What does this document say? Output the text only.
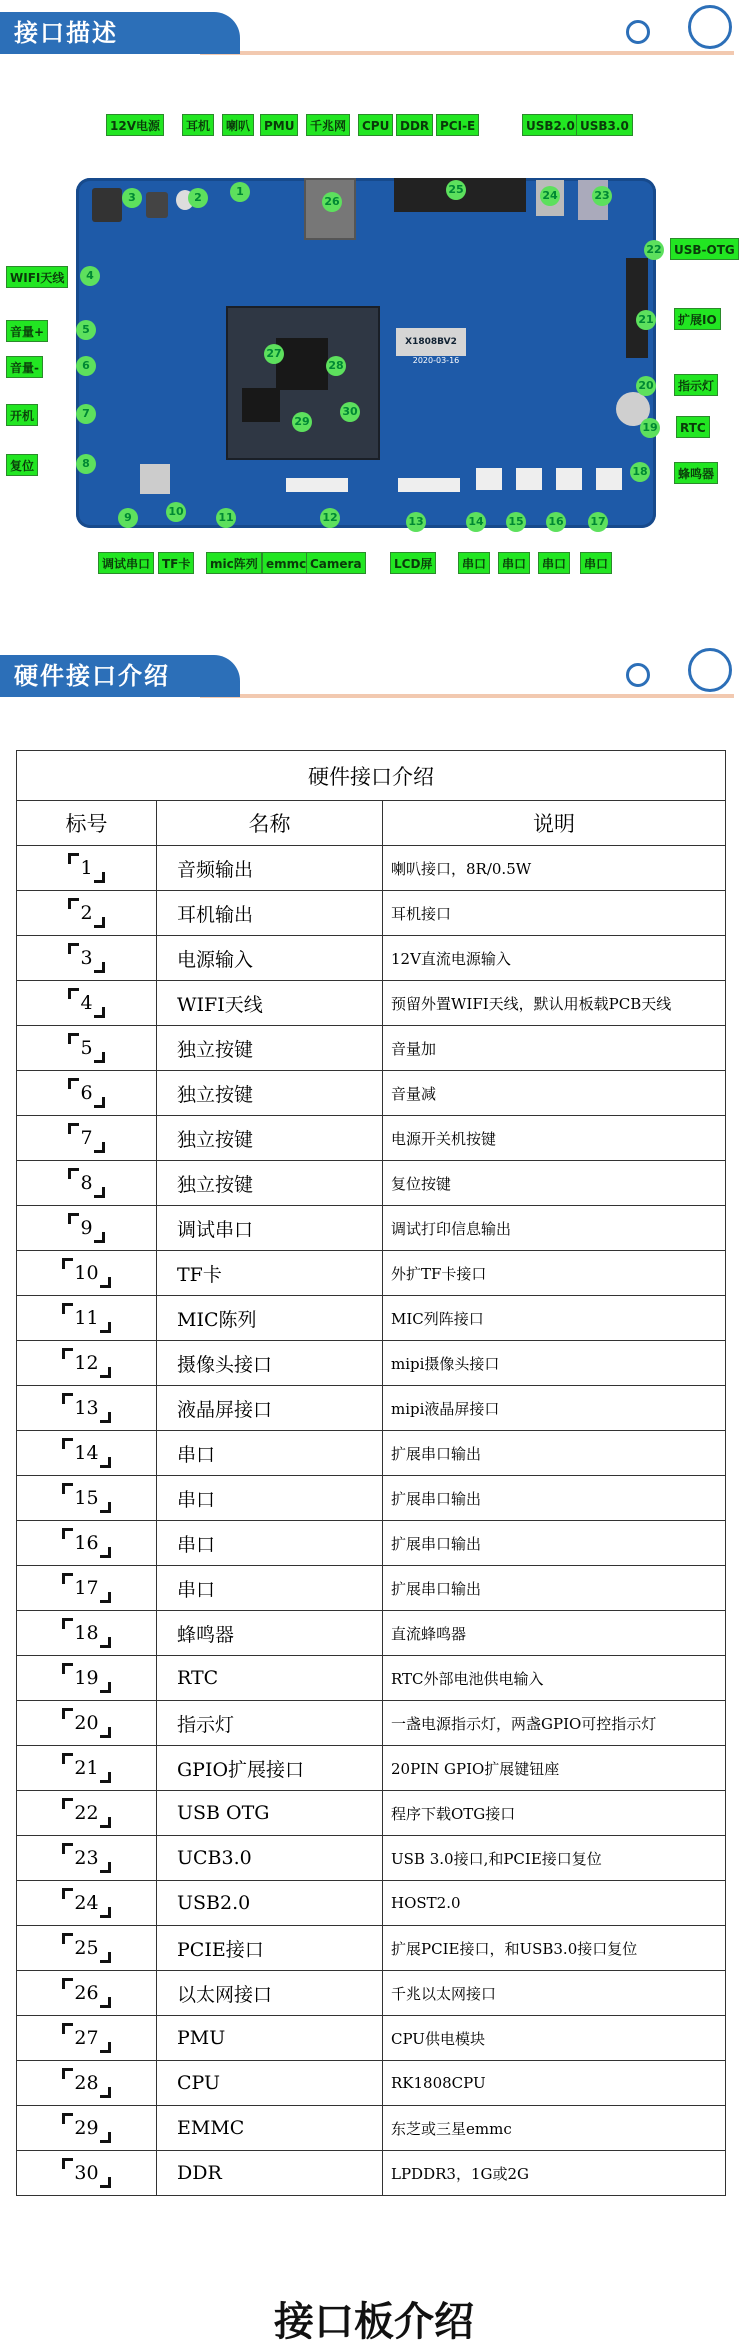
接口描述
X1808BV2
2020-03-16
12V电源	耳机	喇叭	PMU	千兆网	CPU DDR PCI-E	USB2.0 USB3.0
WIFI天线
音量+
音量-
开机
复位
USB-OTG
扩展IO
指示灯
RTC
蜂鸣器
调试串口 TF卡	mic阵列 emmc Camera	LCD屏	串口	串口	串口	串口
1
2
3
4
5
6
7
8
9	10	11	12	13	14 15 16 17
18
19
20
21
22
23
24
25
26
27
28
29
30
硬件接口介绍
硬件接口介绍		
标号	名称	说明
1	音频输出	喇叭接口，8R/0.5W
2	耳机输出	耳机接口
3	电源输入	12V直流电源输入
4	WIFI天线	预留外置WIFI天线，默认用板载PCB天线
5	独立按键	音量加
6	独立按键	音量减
7	独立按键	电源开关机按键
8	独立按键	复位按键
9	调试串口	调试打印信息输出
10	TF卡	外扩TF卡接口
11	MIC陈列	MIC列阵接口
12	摄像头接口	mipi摄像头接口
13	液晶屏接口	mipi液晶屏接口
14	串口	扩展串口输出
15	串口	扩展串口输出
16	串口	扩展串口输出
17	串口	扩展串口输出
18	蜂鸣器	直流蜂鸣器
19	RTC	RTC外部电池供电输入
20	指示灯	一盏电源指示灯，两盏GPIO可控指示灯
21	GPIO扩展接口	20PIN GPIO扩展键钮座
22	USB OTG	程序下载OTG接口
23	UCB3.0	USB 3.0接口,和PCIE接口复位
24	USB2.0	HOST2.0
25	PCIE接口	扩展PCIE接口，和USB3.0接口复位
26	以太网接口	千兆以太网接口
27	PMU	CPU供电模块
28	CPU	RK1808CPU
29	EMMC	东芝或三星emmc
30	DDR	LPDDR3，1G或2G
接口板介绍
